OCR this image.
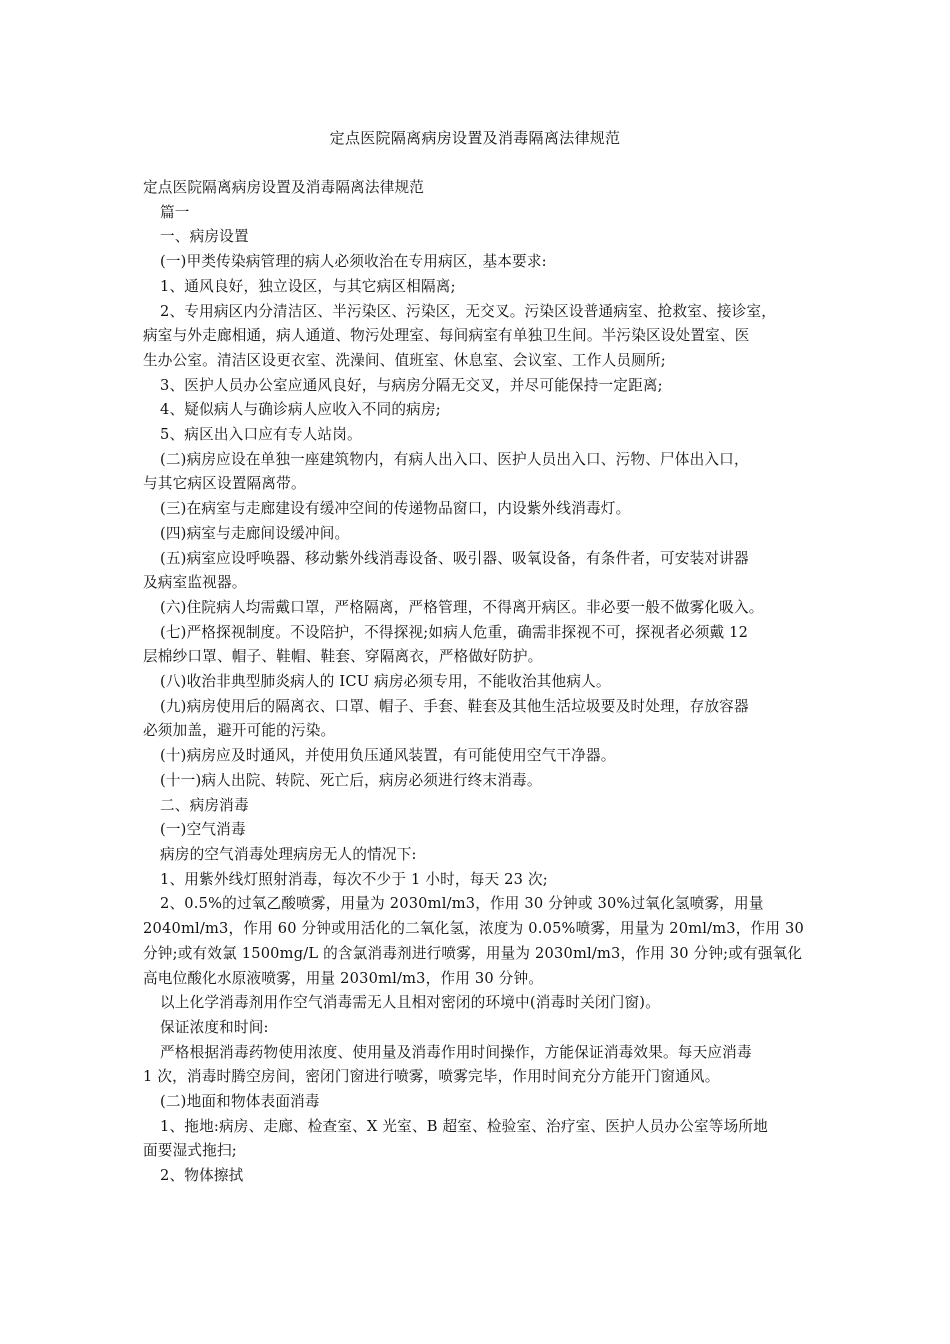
定点医院隔离病房设置及消毒隔离法律规范

定点医院隔离病房设置及消毒隔离法律规范

篇一

一、病房设置

(一)甲类传染病管理的病人必须收治在专用病区，基本要求:

1、通风良好，独立设区，与其它病区相隔离;

2、专用病区内分清洁区、半污染区、污染区，无交叉。污染区设普通病室、抢救室、接诊室，

病室与外走廊相通，病人通道、物污处理室、每间病室有单独卫生间。半污染区设处置室、医

生办公室。清洁区设更衣室、洗澡间、值班室、休息室、会议室、工作人员厕所;

3、医护人员办公室应通风良好，与病房分隔无交叉，并尽可能保持一定距离;

4、疑似病人与确诊病人应收入不同的病房;

5、病区出入口应有专人站岗。

(二)病房应设在单独一座建筑物内，有病人出入口、医护人员出入口、污物、尸体出入口，

与其它病区设置隔离带。

(三)在病室与走廊建设有缓冲空间的传递物品窗口，内设紫外线消毒灯。

(四)病室与走廊间设缓冲间。

(五)病室应设呼唤器、移动紫外线消毒设备、吸引器、吸氧设备，有条件者，可安装对讲器

及病室监视器。

(六)住院病人均需戴口罩，严格隔离，严格管理，不得离开病区。非必要一般不做雾化吸入。

(七)严格探视制度。不设陪护，不得探视;如病人危重，确需非探视不可，探视者必须戴 12

层棉纱口罩、帽子、鞋帽、鞋套、穿隔离衣，严格做好防护。

(八)收治非典型肺炎病人的 ICU 病房必须专用，不能收治其他病人。

(九)病房使用后的隔离衣、口罩、帽子、手套、鞋套及其他生活垃圾要及时处理，存放容器

必须加盖，避开可能的污染。

(十)病房应及时通风，并使用负压通风装置，有可能使用空气干净器。

(十一)病人出院、转院、死亡后，病房必须进行终末消毒。

二、病房消毒

(一)空气消毒

病房的空气消毒处理病房无人的情况下:

1、用紫外线灯照射消毒，每次不少于 1 小时，每天 23 次;

2、0.5%的过氧乙酸喷雾，用量为 2030ml/m3，作用 30 分钟或 30%过氧化氢喷雾，用量

2040ml/m3，作用 60 分钟或用活化的二氧化氢，浓度为 0.05%喷雾，用量为 20ml/m3，作用 30

分钟;或有效氯 1500mg/L 的含氯消毒剂进行喷雾，用量为 2030ml/m3，作用 30 分钟;或有强氧化

高电位酸化水原液喷雾，用量 2030ml/m3，作用 30 分钟。

以上化学消毒剂用作空气消毒需无人且相对密闭的环境中(消毒时关闭门窗)。

保证浓度和时间:

严格根据消毒药物使用浓度、使用量及消毒作用时间操作，方能保证消毒效果。每天应消毒

1 次，消毒时腾空房间，密闭门窗进行喷雾，喷雾完毕，作用时间充分方能开门窗通风。

(二)地面和物体表面消毒

1、拖地:病房、走廊、检查室、X 光室、B 超室、检验室、治疗室、医护人员办公室等场所地

面要湿式拖扫;

2、物体擦拭
